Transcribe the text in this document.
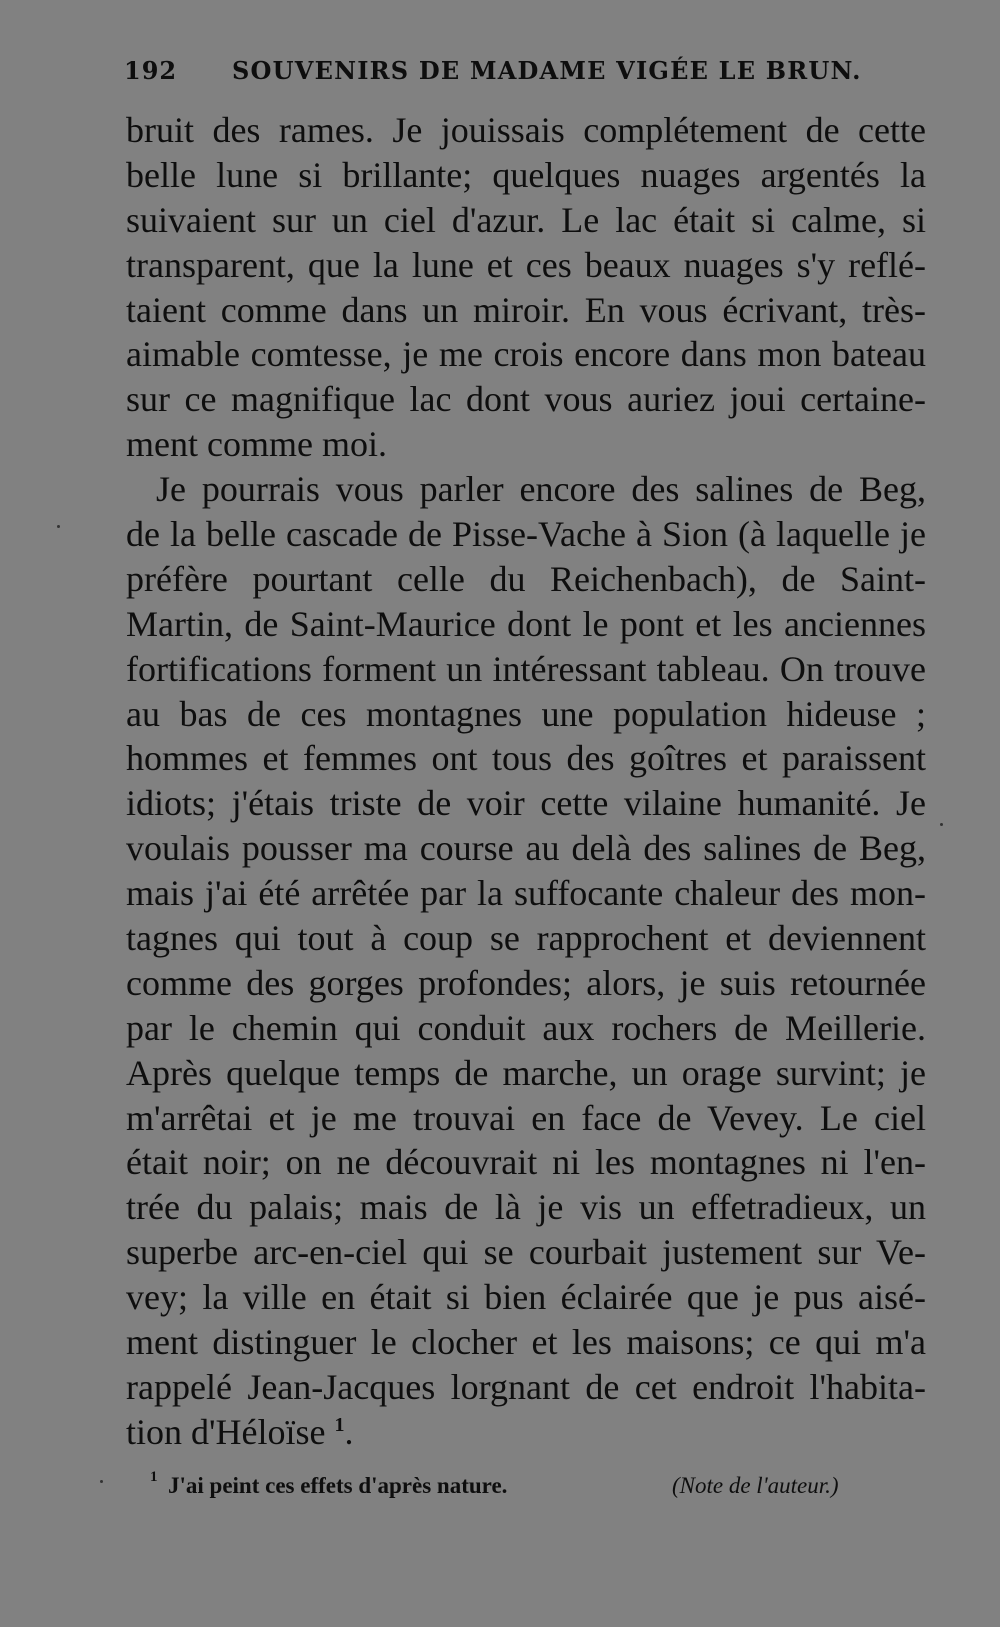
192 SOUVENIRS DE MADAME VIGÉE LE BRUN.
bruit des rames. Je jouissais complétement de cette
belle lune si brillante; quelques nuages argentés la
suivaient sur un ciel d'azur. Le lac était si calme, si
transparent, que la lune et ces beaux nuages s'y reflé-
taient comme dans un miroir. En vous écrivant, très-
aimable comtesse, je me crois encore dans mon bateau
sur ce magnifique lac dont vous auriez joui certaine-
ment comme moi.
Je pourrais vous parler encore des salines de Beg,
de la belle cascade de Pisse-Vache à Sion (à laquelle je
préfère pourtant celle du Reichenbach), de Saint-
Martin, de Saint-Maurice dont le pont et les anciennes
fortifications forment un intéressant tableau. On trouve
au bas de ces montagnes une population hideuse ;
hommes et femmes ont tous des goîtres et paraissent
idiots; j'étais triste de voir cette vilaine humanité. Je
voulais pousser ma course au delà des salines de Beg,
mais j'ai été arrêtée par la suffocante chaleur des mon-
tagnes qui tout à coup se rapprochent et deviennent
comme des gorges profondes; alors, je suis retournée
par le chemin qui conduit aux rochers de Meillerie.
Après quelque temps de marche, un orage survint; je
m'arrêtai et je me trouvai en face de Vevey. Le ciel
était noir; on ne découvrait ni les montagnes ni l'en-
trée du palais; mais de là je vis un effetradieux, un
superbe arc-en-ciel qui se courbait justement sur Ve-
vey; la ville en était si bien éclairée que je pus aisé-
ment distinguer le clocher et les maisons; ce qui m'a
rappelé Jean-Jacques lorgnant de cet endroit l'habita-
tion d'Héloïse $^1$.
1 J'ai peint ces effets d'après nature.	(Note de l'auteur.)
